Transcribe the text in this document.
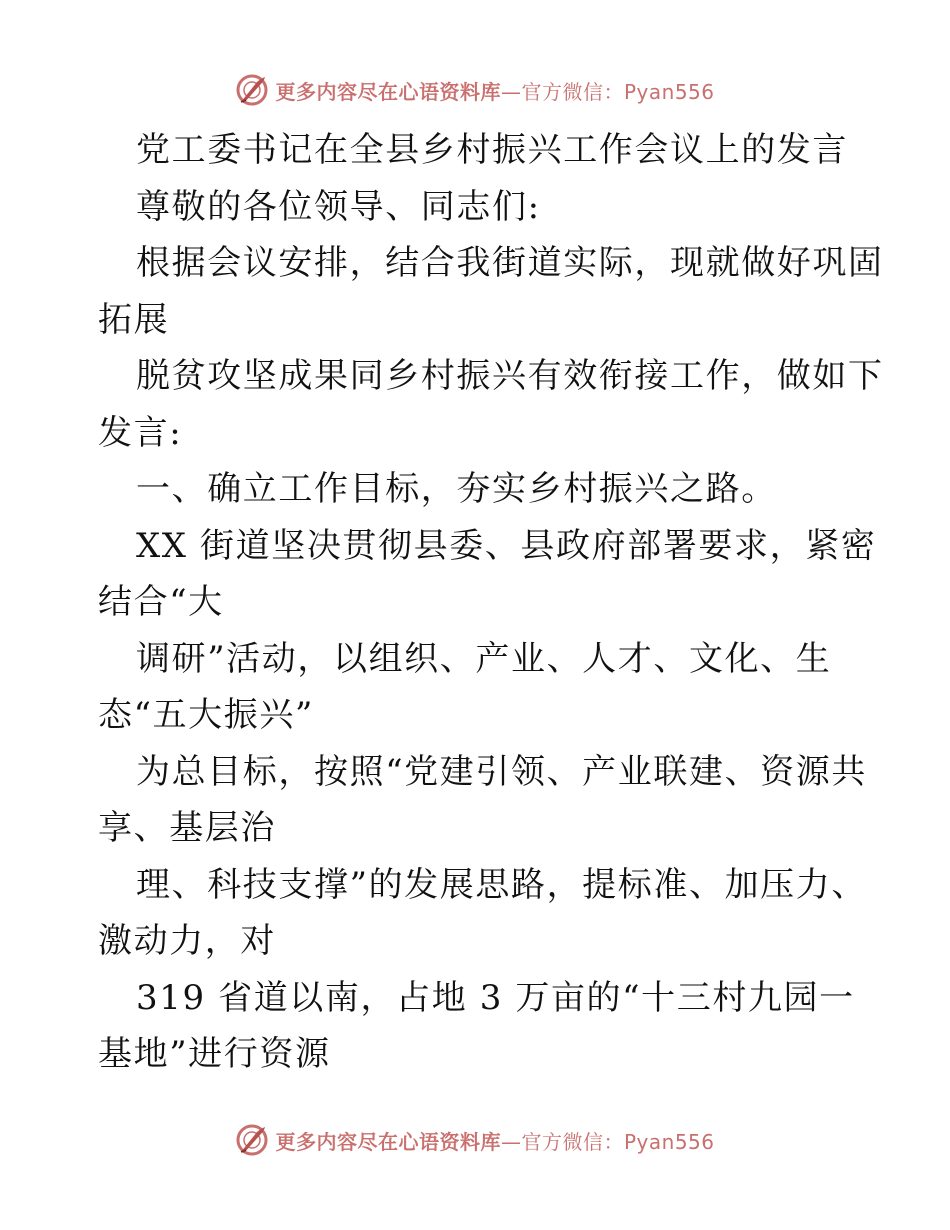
更多内容尽在心语资料库—官方微信：Pyan556
党工委书记在全县乡村振兴工作会议上的发言
尊敬的各位领导、同志们:
根据会议安排，结合我街道实际，现就做好巩固
拓展
脱贫攻坚成果同乡村振兴有效衔接工作，做如下
发言:
一、确立工作目标，夯实乡村振兴之路。
XX 街道坚决贯彻县委、县政府部署要求，紧密
结合“大
调研”活动，以组织、产业、人才、文化、生
态“五大振兴”
为总目标，按照“党建引领、产业联建、资源共
享、基层治
理、科技支撑”的发展思路，提标准、加压力、
激动力，对
319 省道以南，占地 3 万亩的“十三村九园一
基地”进行资源
更多内容尽在心语资料库—官方微信：Pyan556
